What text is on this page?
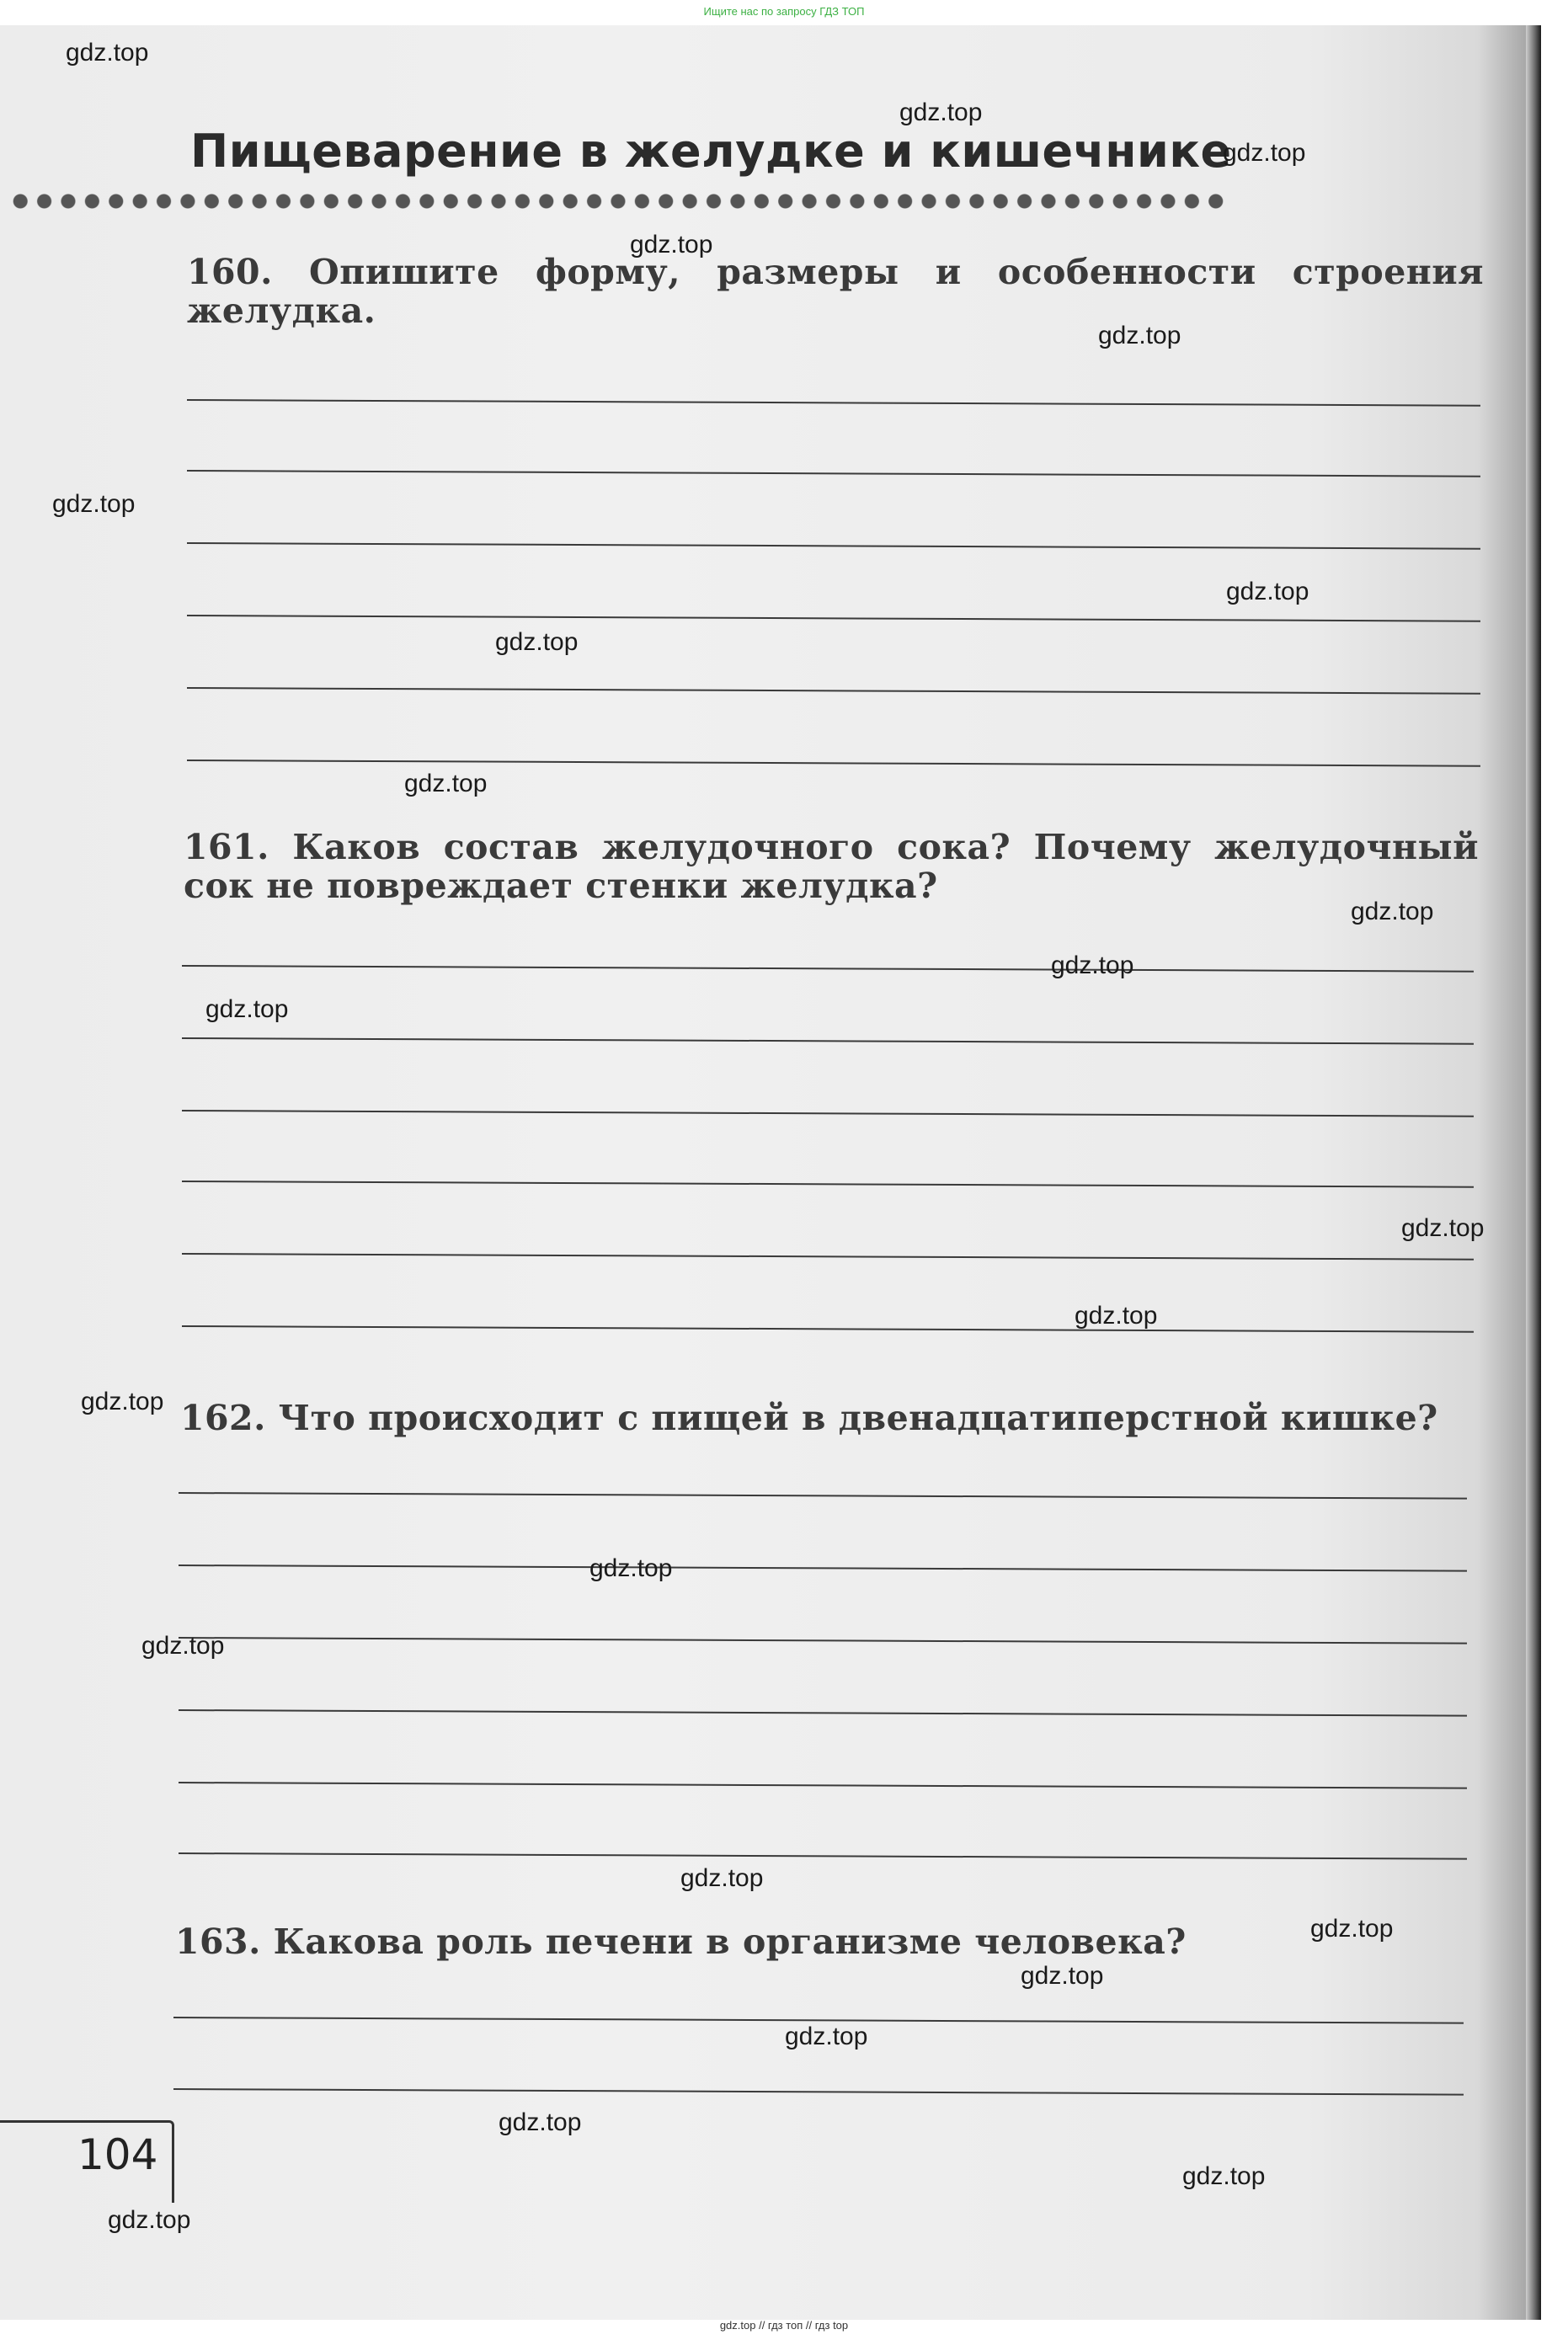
Ищите нас по запросу ГДЗ ТОП
Пищеварение в желудке и кишечнике
160. Опишите форму, размеры и особенности строения желудка.
161. Каков состав желудочного сока? Почему желудочный сок не повреждает стенки желудка?
162. Что происходит с пищей в двенадцатиперстной кишке?
163. Какова роль печени в организме человека?
104
gdz.top
gdz.top
gdz.top
gdz.top
gdz.top
gdz.top
gdz.top
gdz.top
gdz.top
gdz.top
gdz.top
gdz.top
gdz.top
gdz.top
gdz.top
gdz.top
gdz.top
gdz.top
gdz.top
gdz.top
gdz.top
gdz.top
gdz.top
gdz.top
gdz.top // гдз топ // гдз top
